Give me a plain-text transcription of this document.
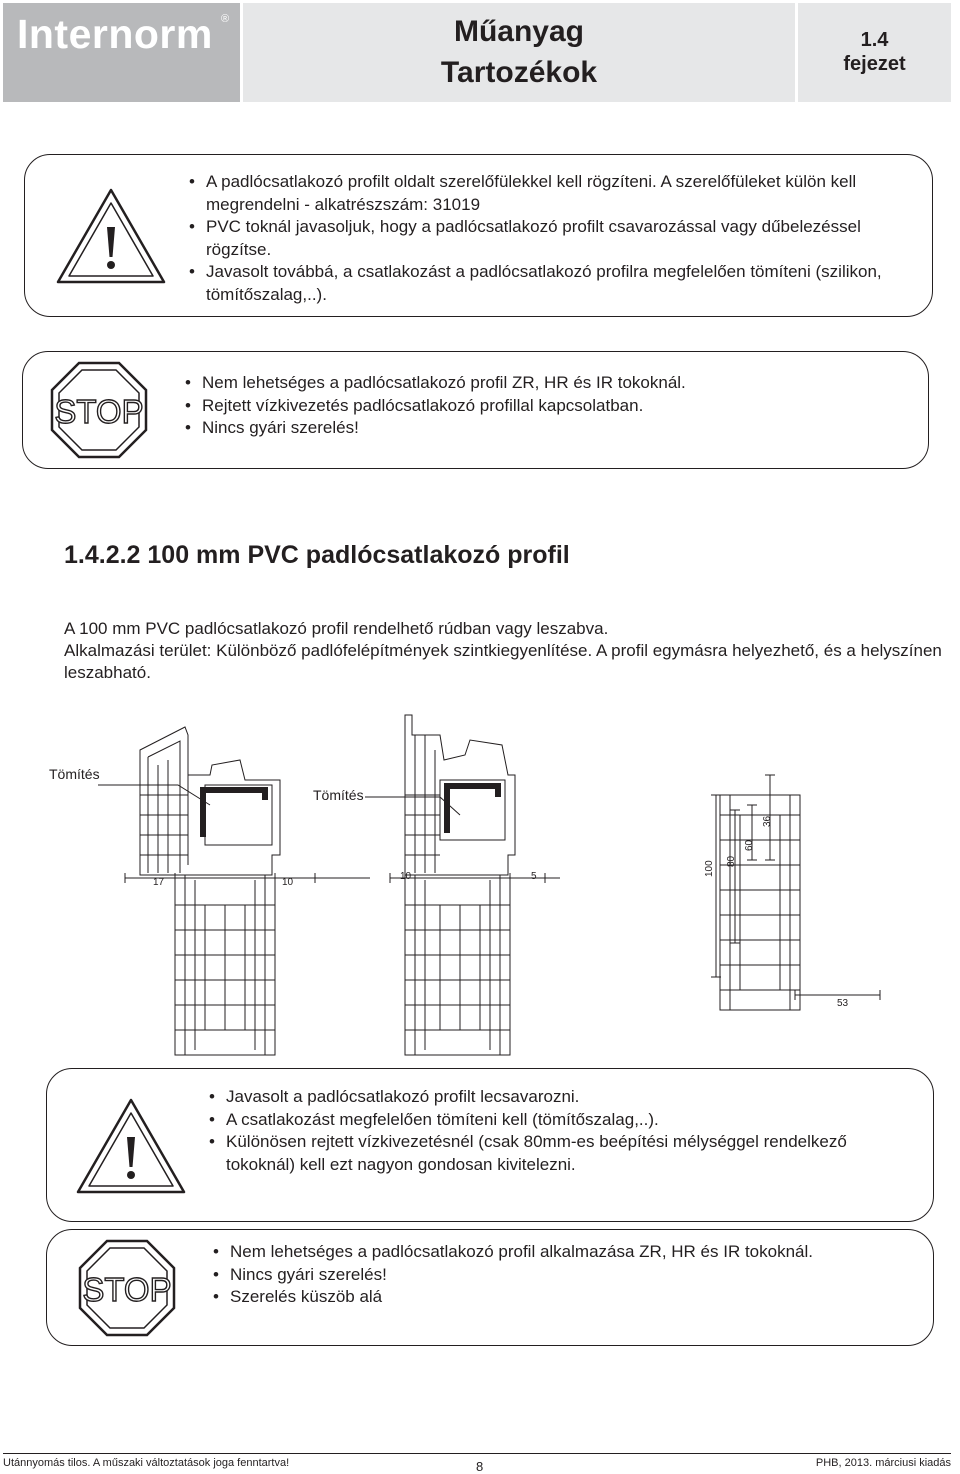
Internorm ®	Műanyag
Tartozékok
1.4
fejezet
• A padlócsatlakozó profilt oldalt szerelőfülekkel kell rögzíteni. A szerelőfüleket külön kell megrendelni - alkatrészszám: 31019
• PVC toknál javasoljuk, hogy a padlócsatlakozó profilt csavarozással vagy dűbelezéssel rögzítse.
• Javasolt továbbá, a csatlakozást a padlócsatlakozó profilra megfelelően tömíteni (szilikon, tömítőszalag,..).
STOP
• Nem lehetséges a padlócsatlakozó profil ZR, HR és IR tokoknál.
• Rejtett vízkivezetés padlócsatlakozó profillal kapcsolatban.
• Nincs gyári szerelés!
1.4.2.2 100 mm PVC padlócsatlakozó profil
A 100 mm PVC padlócsatlakozó profil rendelhető rúdban vagy leszabva.
Alkalmazási terület: Különböző padlófelépítmények szintkiegyenlítése. A profil egymásra helyezhető, és a helyszínen leszabható.
Tömítés
Tömítés
17	10
10	5	100 80
60
36
53
• Javasolt a padlócsatlakozó profilt lecsavarozni.
• A csatlakozást megfelelően tömíteni kell (tömítőszalag,..).
• Különösen rejtett vízkivezetésnél (csak 80mm-es beépítési mélységgel rendelkező tokoknál) kell ezt nagyon gondosan kivitelezni.
STOP
• Nem lehetséges a padlócsatlakozó profil alkalmazása ZR, HR és IR tokoknál.
• Nincs gyári szerelés!
• Szerelés küszöb alá
Utánnyomás tilos. A műszaki változtatások joga fenntartva!	8	PHB, 2013. márciusi kiadás
